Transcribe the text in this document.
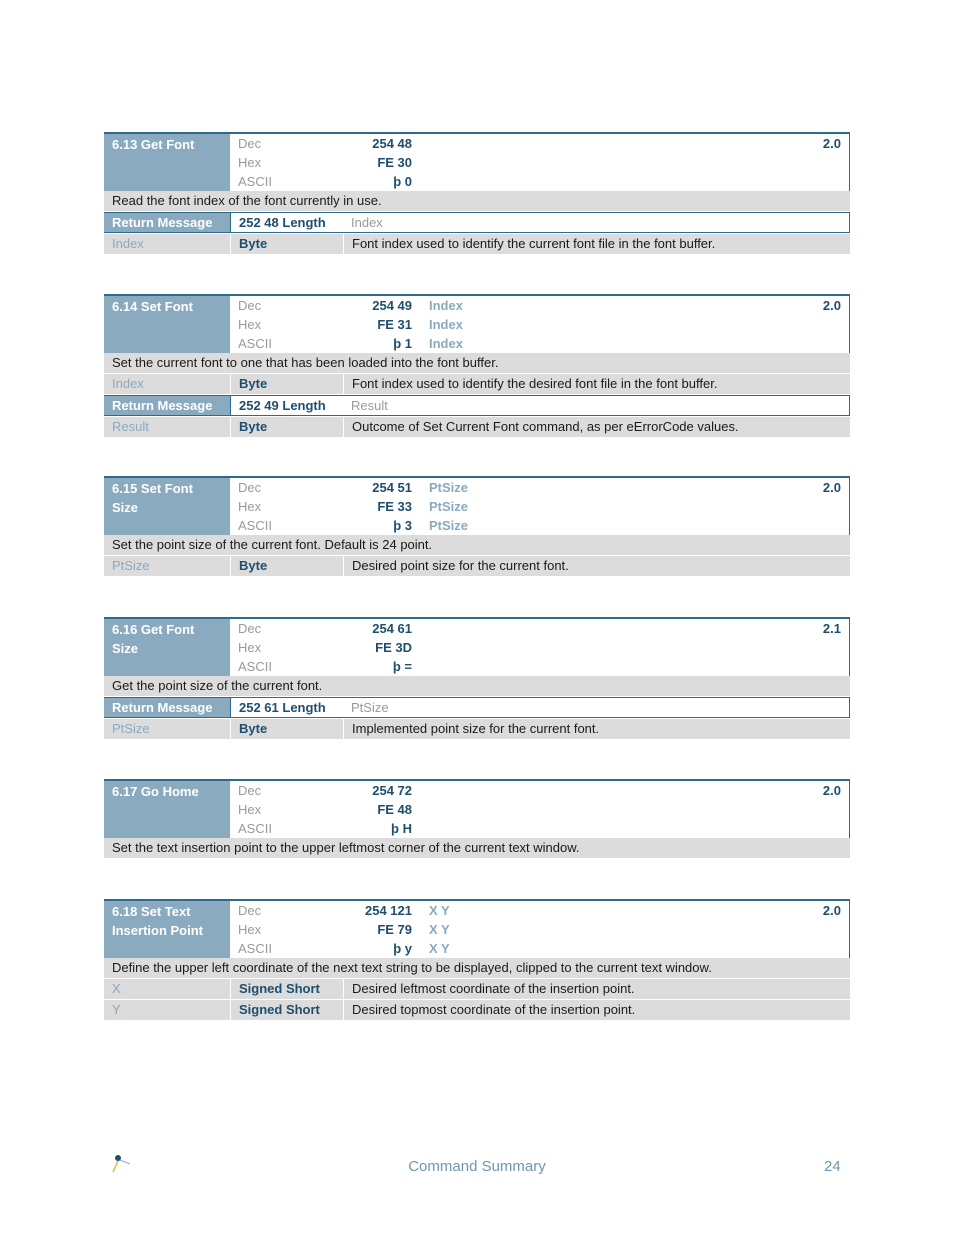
6.13 Get Font	Dec	254 48
Hex	FE 30
ASCII	þ 0
2.0
Read the font index of the font currently in use.
Return Message	252 48 Length	Index
Index	Byte	Font index used to identify the current font file in the font buffer.
6.14 Set Font	Dec	254 49	Index
Hex	FE 31	Index
ASCII	þ 1	Index
2.0
Set the current font to one that has been loaded into the font buffer.
Index	Byte	Font index used to identify the desired font file in the font buffer.
Return Message	252 49 Length	Result
Result	Byte	Outcome of Set Current Font command, as per eErrorCode values.
6.15 Set Font Size
Dec	254 51	PtSize
Hex	FE 33	PtSize
ASCII	þ 3	PtSize
2.0
Set the point size of the current font. Default is 24 point.
PtSize	Byte	Desired point size for the current font.
6.16 Get Font Size
Dec	254 61
Hex	FE 3D
ASCII	þ =
2.1
Get the point size of the current font.
Return Message	252 61 Length	PtSize
PtSize	Byte	Implemented point size for the current font.
6.17 Go Home	Dec	254 72
Hex	FE 48
ASCII	þ H
2.0
Set the text insertion point to the upper leftmost corner of the current text window.
6.18 Set Text Insertion Point
Dec	254 121	X Y
Hex	FE 79	X Y
ASCII	þ y	X Y
2.0
Define the upper left coordinate of the next text string to be displayed, clipped to the current text window.
X	Signed Short	Desired leftmost coordinate of the insertion point.
Y	Signed Short	Desired topmost coordinate of the insertion point.
Command Summary	24
